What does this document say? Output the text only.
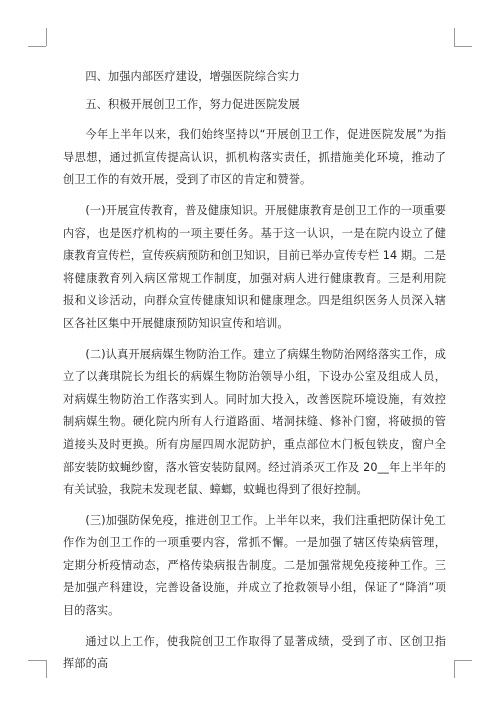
四、加强内部医疗建设，增强医院综合实力

五、积极开展创卫工作，努力促进医院发展

今年上半年以来，我们始终坚持以“开展创卫工作，促进医院发展”为指导思想，通过抓宣传提高认识，抓机构落实责任，抓措施美化环境，推动了创卫工作的有效开展，受到了市区的肯定和赞誉。

(一)开展宣传教育，普及健康知识。开展健康教育是创卫工作的一项重要内容，也是医疗机构的一项主要任务。基于这一认识，一是在院内设立了健康教育宣传栏，宣传疾病预防和创卫知识，目前已举办宣传专栏 14 期。二是将健康教育列入病区常规工作制度，加强对病人进行健康教育。三是利用院报和义诊活动，向群众宣传健康知识和健康理念。四是组织医务人员深入辖区各社区集中开展健康预防知识宣传和培训。

(二)认真开展病媒生物防治工作。建立了病媒生物防治网络落实工作，成立了以龚琪院长为组长的病媒生物防治领导小组，下设办公室及组成人员，对病媒生物防治工作落实到人。同时加大投入，改善医院环境设施，有效控制病媒生物。硬化院内所有人行道路面、堵洞抹缝、修补门窗，将破损的管道接头及时更换。所有房屋四周水泥防护，重点部位木门板包铁皮，窗户全部安装防蚊蝇纱窗，落水管安装防鼠网。经过消杀灭工作及 20__年上半年的有关试验，我院未发现老鼠、蟑螂，蚊蝇也得到了很好控制。

(三)加强防保免疫，推进创卫工作。上半年以来，我们注重把防保计免工作作为创卫工作的一项重要内容，常抓不懈。一是加强了辖区传染病管理，定期分析疫情动态，严格传染病报告制度。二是加强常规免疫接种工作。三是加强产科建设，完善设备设施，并成立了抢救领导小组，保证了“降消”项目的落实。

通过以上工作，使我院创卫工作取得了显著成绩，受到了市、区创卫指挥部的高
